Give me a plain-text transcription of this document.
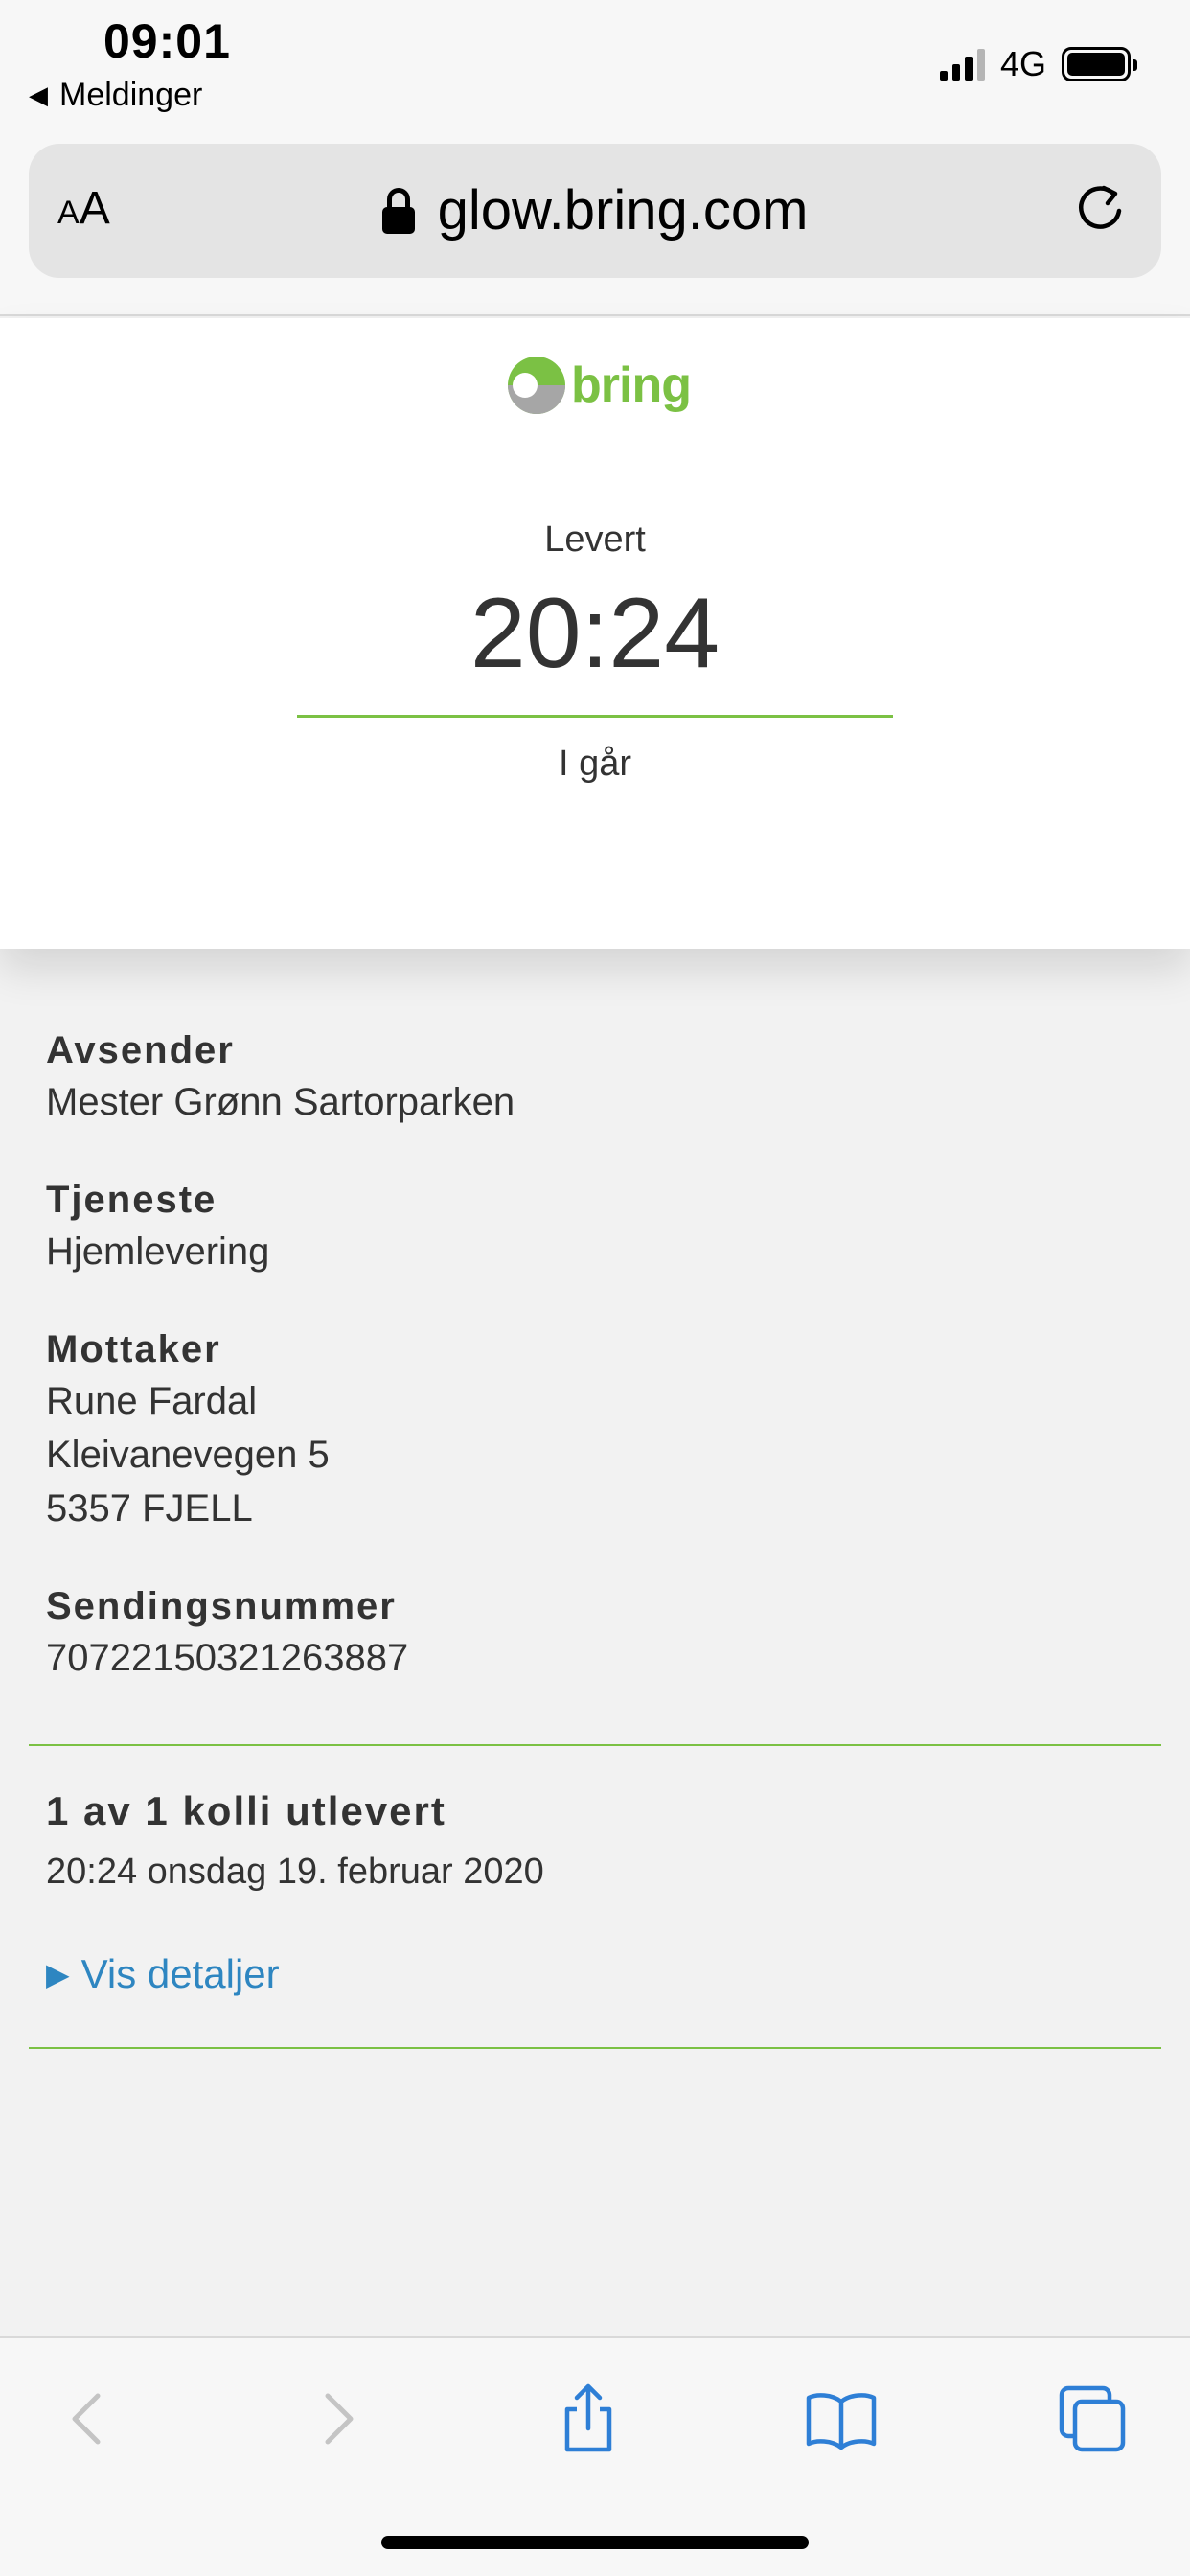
09:01
◀ Meldinger
4G
AA	glow.bring.com
bring
Levert
20:24
I går
Avsender
Mester Grønn Sartorparken
Tjeneste
Hjemlevering
Mottaker
Rune Fardal
Kleivanevegen 5
5357 FJELL
Sendingsnummer
70722150321263887
1 av 1 kolli utlevert
20:24 onsdag 19. februar 2020
▶ Vis detaljer
